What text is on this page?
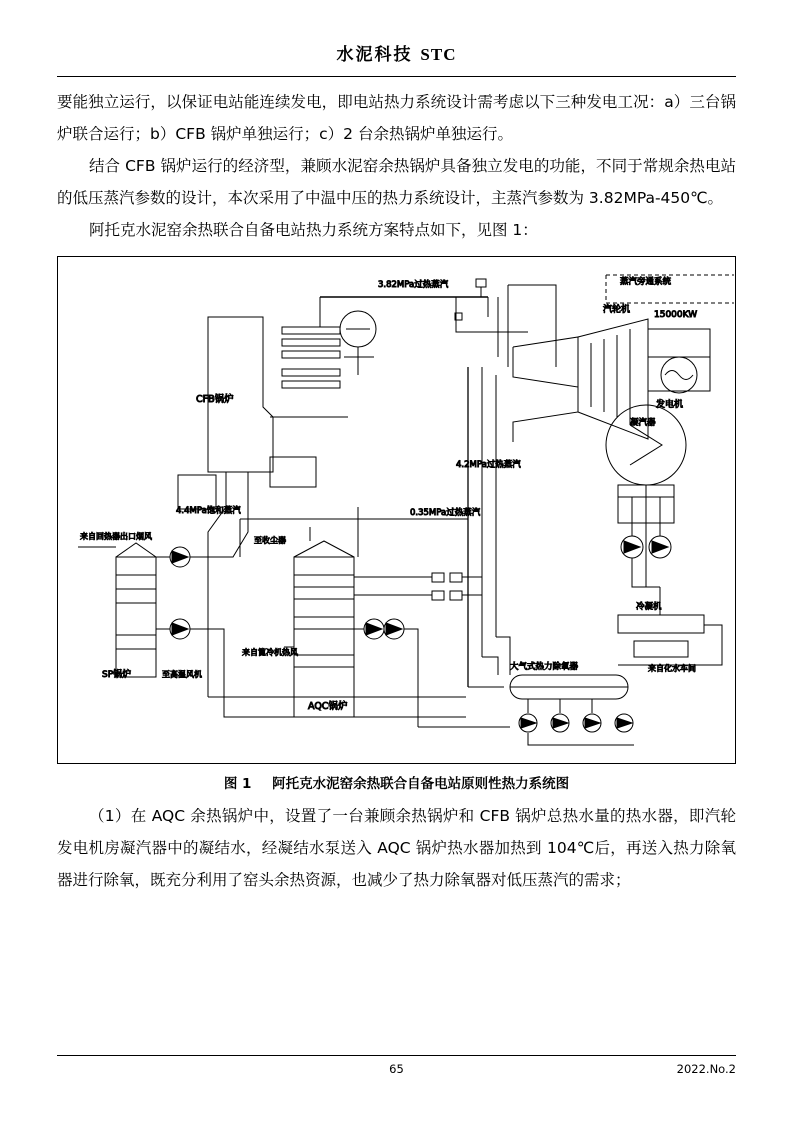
水泥科技 STC

要能独立运行，以保证电站能连续发电，即电站热力系统设计需考虑以下三种发电工况：a）三台锅炉联合运行；b）CFB 锅炉单独运行；c）2 台余热锅炉单独运行。

结合 CFB 锅炉运行的经济型，兼顾水泥窑余热锅炉具备独立发电的功能，不同于常规余热电站的低压蒸汽参数的设计，本次采用了中温中压的热力系统设计，主蒸汽参数为 3.82MPa-450℃。

阿托克水泥窑余热联合自备电站热力系统方案特点如下，见图 1：

CFB锅炉
3.82MPa过热蒸汽	蒸汽旁通系统
汽轮机	15000KW
发电机
凝汽器
4.2MPa过热蒸汽
0.35MPa过热蒸汽
4.4MPa饱和蒸汽
SP锅炉
来自回热器出口烟风
至高温风机
AQC锅炉
至收尘器
来自篦冷机热风
大气式热力除氧器
冷凝机
来自化水车间
图 1 阿托克水泥窑余热联合自备电站原则性热力系统图

（1）在 AQC 余热锅炉中，设置了一台兼顾余热锅炉和 CFB 锅炉总热水量的热水器，即汽轮发电机房凝汽器中的凝结水，经凝结水泵送入 AQC 锅炉热水器加热到 104℃后，再送入热力除氧器进行除氧，既充分利用了窑头余热资源，也减少了热力除氧器对低压蒸汽的需求；

65	2022.No.2
